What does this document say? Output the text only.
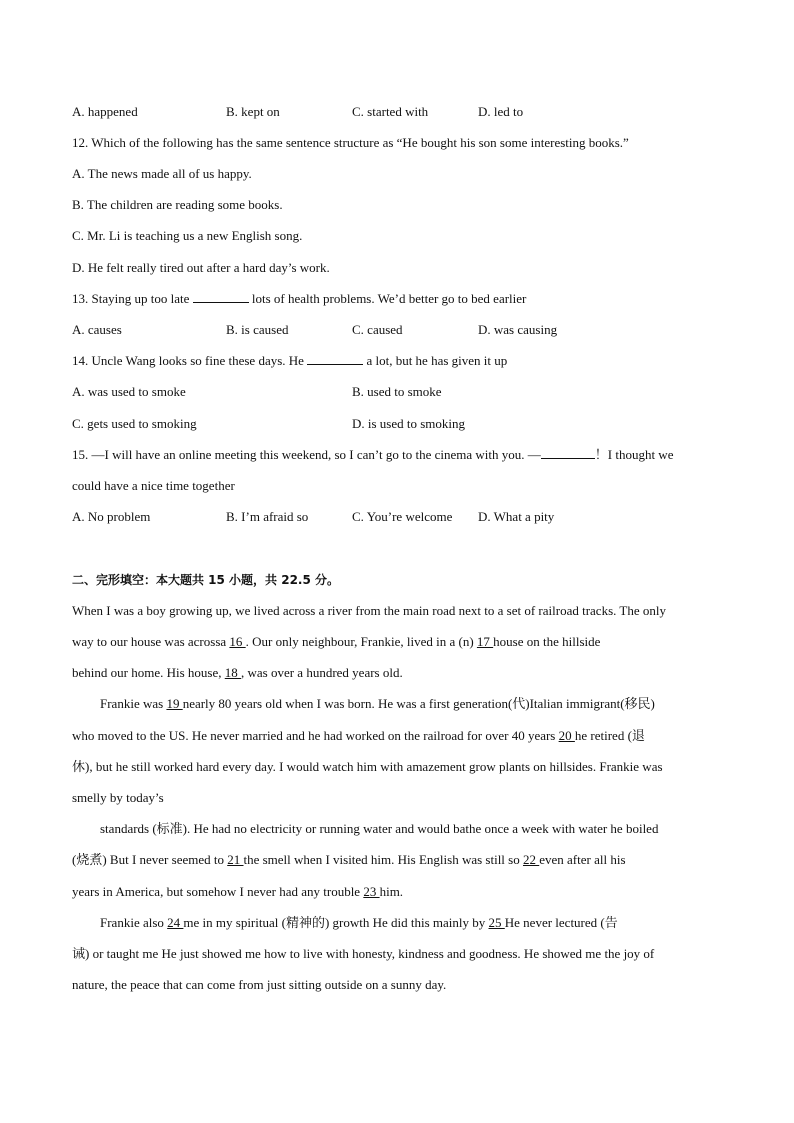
A. happened	B. kept on	C. started with	D. led to
12. Which of the following has the same sentence structure as “He bought his son some interesting books.”
A. The news made all of us happy.
B. The children are reading some books.
C. Mr. Li is teaching us a new English song.
D. He felt really tired out after a hard day’s work.
13. Staying up too late	lots of health problems. We’d better go to bed earlier
A. causes	B. is caused	C. caused	D. was causing
14. Uncle Wang looks so fine these days. He	a lot, but he has given it up
A. was used to smoke	B. used to smoke
C. gets used to smoking	D. is used to smoking
15. —I will have an online meeting this weekend, so I can’t go to the cinema with you. —	！I thought we
could have a nice time together
A. No problem	B. I’m afraid so	C. You’re welcome D. What a pity
二、完形填空：本大题共 15 小题，共 22.5 分。
When I was a boy growing up, we lived across a river from the main road next to a set of railroad tracks. The only
way to our house was acrossa 16 . Our only neighbour, Frankie, lived in a (n) 17 house on the hillside
behind our home. His house, 18 , was over a hundred years old.
Frankie was 19 nearly 80 years old when I was born. He was a first generation(代)Italian immigrant(移民)
who moved to the US. He never married and he had worked on the railroad for over 40 years 20 he retired (退
休), but he still worked hard every day. I would watch him with amazement grow plants on hillsides. Frankie was
smelly by today’s
standards (标准). He had no electricity or running water and would bathe once a week with water he boiled
(烧煮) But I never seemed to 21 the smell when I visited him. His English was still so 22 even after all his
years in America, but somehow I never had any trouble 23 him.
Frankie also 24 me in my spiritual (精神的) growth He did this mainly by 25 He never lectured (告
诫) or taught me He just showed me how to live with honesty, kindness and goodness. He showed me the joy of
nature, the peace that can come from just sitting outside on a sunny day.
